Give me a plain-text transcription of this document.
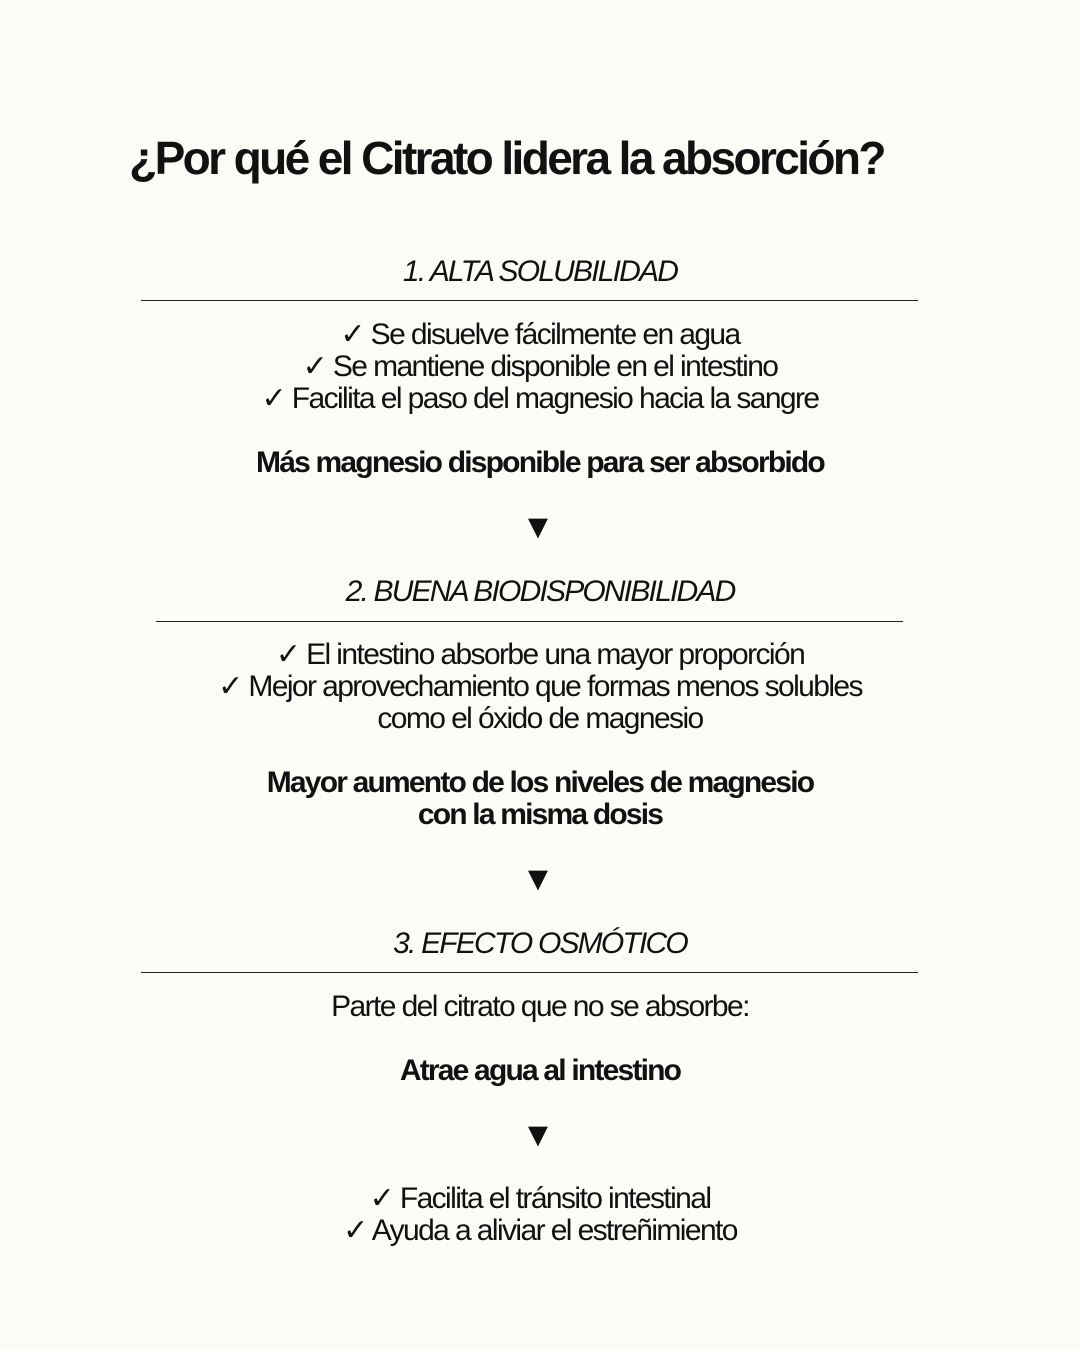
¿Por qué el Citrato lidera la absorción?
1. ALTA SOLUBILIDAD
✓ Se disuelve fácilmente en agua
✓ Se mantiene disponible en el intestino
✓ Facilita el paso del magnesio hacia la sangre
Más magnesio disponible para ser absorbido
▼
2. BUENA BIODISPONIBILIDAD
✓ El intestino absorbe una mayor proporción
✓ Mejor aprovechamiento que formas menos solubles
como el óxido de magnesio
Mayor aumento de los niveles de magnesio
con la misma dosis
▼
3. EFECTO OSMÓTICO
Parte del citrato que no se absorbe:
Atrae agua al intestino
▼
✓ Facilita el tránsito intestinal
✓ Ayuda a aliviar el estreñimiento
